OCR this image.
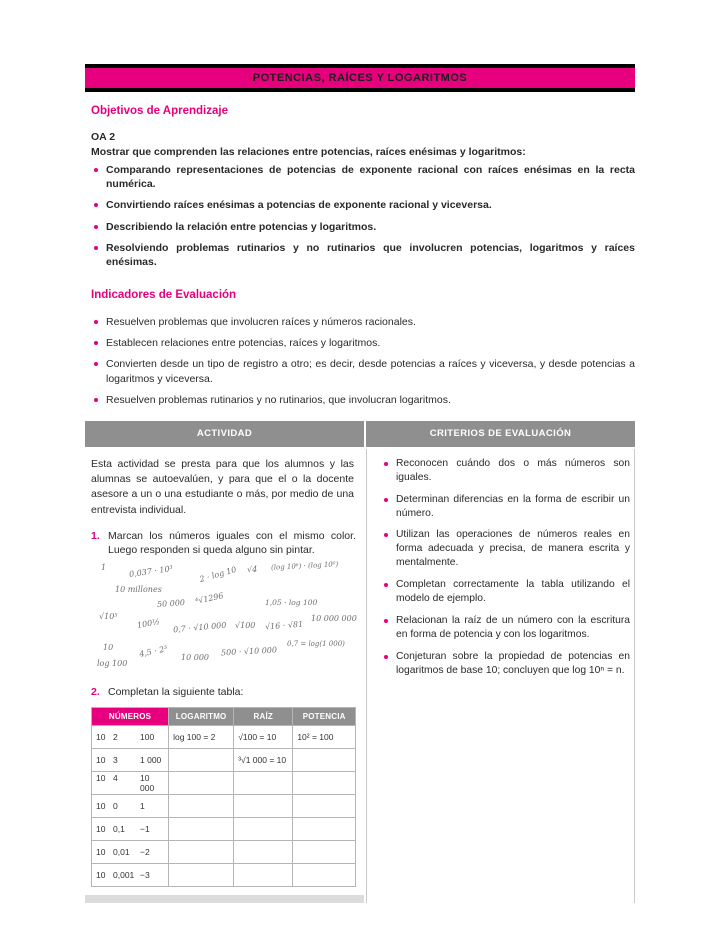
POTENCIAS, RAÍCES Y LOGARITMOS
Objetivos de Aprendizaje
OA 2
Mostrar que comprenden las relaciones entre potencias, raíces enésimas y logaritmos:
Comparando representaciones de potencias de exponente racional con raíces enésimas en la recta numérica.
Convirtiendo raíces enésimas a potencias de exponente racional y viceversa.
Describiendo la relación entre potencias y logaritmos.
Resolviendo problemas rutinarios y no rutinarios que involucren potencias, logaritmos y raíces enésimas.
Indicadores de Evaluación
Resuelven problemas que involucren raíces y números racionales.
Establecen relaciones entre potencias, raíces y logaritmos.
Convierten desde un tipo de registro a otro; es decir, desde potencias a raíces y viceversa, y desde potencias a logaritmos y viceversa.
Resuelven problemas rutinarios y no rutinarios, que involucran logaritmos.
ACTIVIDAD	CRITERIOS DE EVALUACIÓN

Esta actividad se presta para que los alumnos y las alumnas se autoevalúen, y para que el o la docente asesore a un o una estudiante o más, por medio de una entrevista individual.

1. Marcan los números iguales con el mismo color. Luego responden si queda alguno sin pintar.
1	0,037 · 10³	2 · log 10 √4 (log 10⁶) · (log 10⁰)
10 millones
50 000 ⁴√1296	1,05 · log 100
√10⁵
100½ 0,7 · √10 000 √100 √16 · √81
10 000 000
10	4,5 · 2³ 10 000
500 · √10 000
0,7 = log(1 000)
log 100
2. Completan la siguiente tabla:
NÚMEROS	LOGARITMO	RAÍZ	POTENCIA

10 2 100	log 100 = 2	√100 = 10	10² = 100

10 3 1 000		³√1 000 = 10	

10 4 10 000			

10 0 1			

10 0,1 −1			

10 0,01 −2			

10 0,001 −3			

Reconocen cuándo dos o más números son iguales.
Determinan diferencias en la forma de escribir un número.
Utilizan las operaciones de números reales en forma adecuada y precisa, de manera escrita y mentalmente.
Completan correctamente la tabla utilizando el modelo de ejemplo.
Relacionan la raíz de un número con la escritura en forma de potencia y con los logaritmos.
Conjeturan sobre la propiedad de potencias en logaritmos de base 10; concluyen que log 10ⁿ = n.
